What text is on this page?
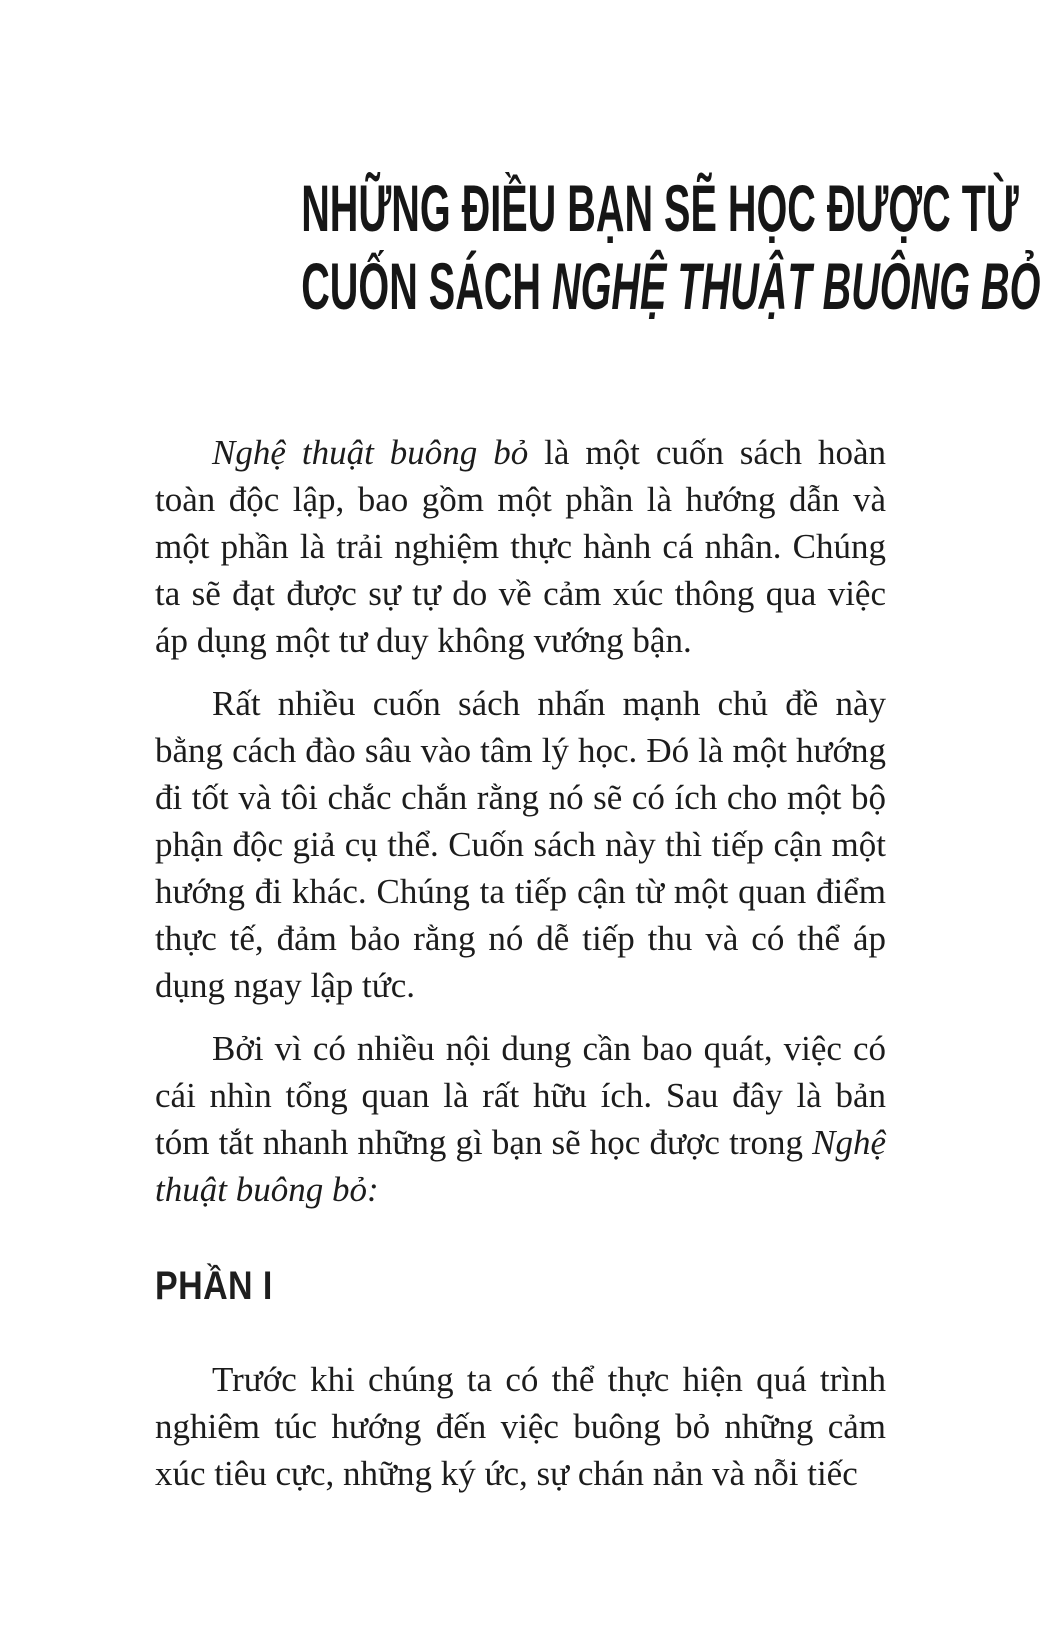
NHỮNG ĐIỀU BẠN SẼ HỌC ĐƯỢC TỪ
CUỐN SÁCH NGHỆ THUẬT BUÔNG BỎ

Nghệ thuật buông bỏ là một cuốn sách hoàn toàn độc lập, bao gồm một phần là hướng dẫn và một phần là trải nghiệm thực hành cá nhân. Chúng ta sẽ đạt được sự tự do về cảm xúc thông qua việc áp dụng một tư duy không vướng bận.

Rất nhiều cuốn sách nhấn mạnh chủ đề này bằng cách đào sâu vào tâm lý học. Đó là một hướng đi tốt và tôi chắc chắn rằng nó sẽ có ích cho một bộ phận độc giả cụ thể. Cuốn sách này thì tiếp cận một hướng đi khác. Chúng ta tiếp cận từ một quan điểm thực tế, đảm bảo rằng nó dễ tiếp thu và có thể áp dụng ngay lập tức.

Bởi vì có nhiều nội dung cần bao quát, việc có cái nhìn tổng quan là rất hữu ích. Sau đây là bản tóm tắt nhanh những gì bạn sẽ học được trong Nghệ thuật buông bỏ:

PHẦN I

Trước khi chúng ta có thể thực hiện quá trình nghiêm túc hướng đến việc buông bỏ những cảm xúc tiêu cực, những ký ức, sự chán nản và nỗi tiếc
